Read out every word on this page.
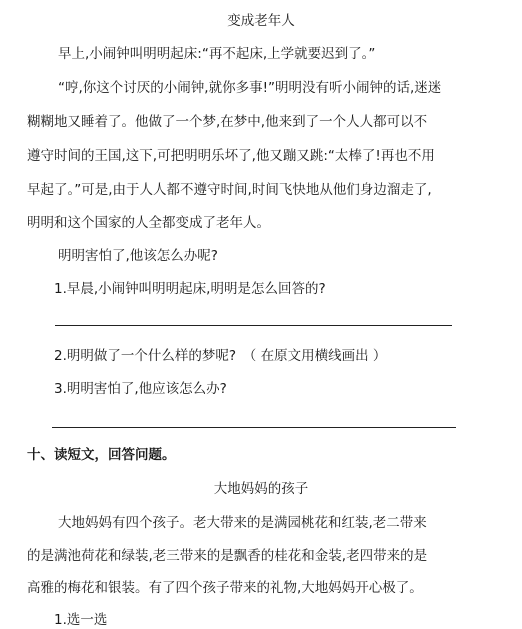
变成老年人
早上,小闹钟叫明明起床:“再不起床,上学就要迟到了。”
“哼,你这个讨厌的小闹钟,就你多事!”明明没有听小闹钟的话,迷迷
糊糊地又睡着了。他做了一个梦,在梦中,他来到了一个人人都可以不
遵守时间的王国,这下,可把明明乐坏了,他又蹦又跳:“太棒了!再也不用
早起了。”可是,由于人人都不遵守时间,时间飞快地从他们身边溜走了,
明明和这个国家的人全都变成了老年人。
明明害怕了,他该怎么办呢?
1.早晨,小闹钟叫明明起床,明明是怎么回答的?
2.明明做了一个什么样的梦呢?　（ 在原文用横线画出 ）
3.明明害怕了,他应该怎么办?
十、读短文，回答问题。
大地妈妈的孩子
大地妈妈有四个孩子。老大带来的是满园桃花和红装,老二带来
的是满池荷花和绿装,老三带来的是飘香的桂花和金装,老四带来的是
高雅的梅花和银装。有了四个孩子带来的礼物,大地妈妈开心极了。
1.选一选
